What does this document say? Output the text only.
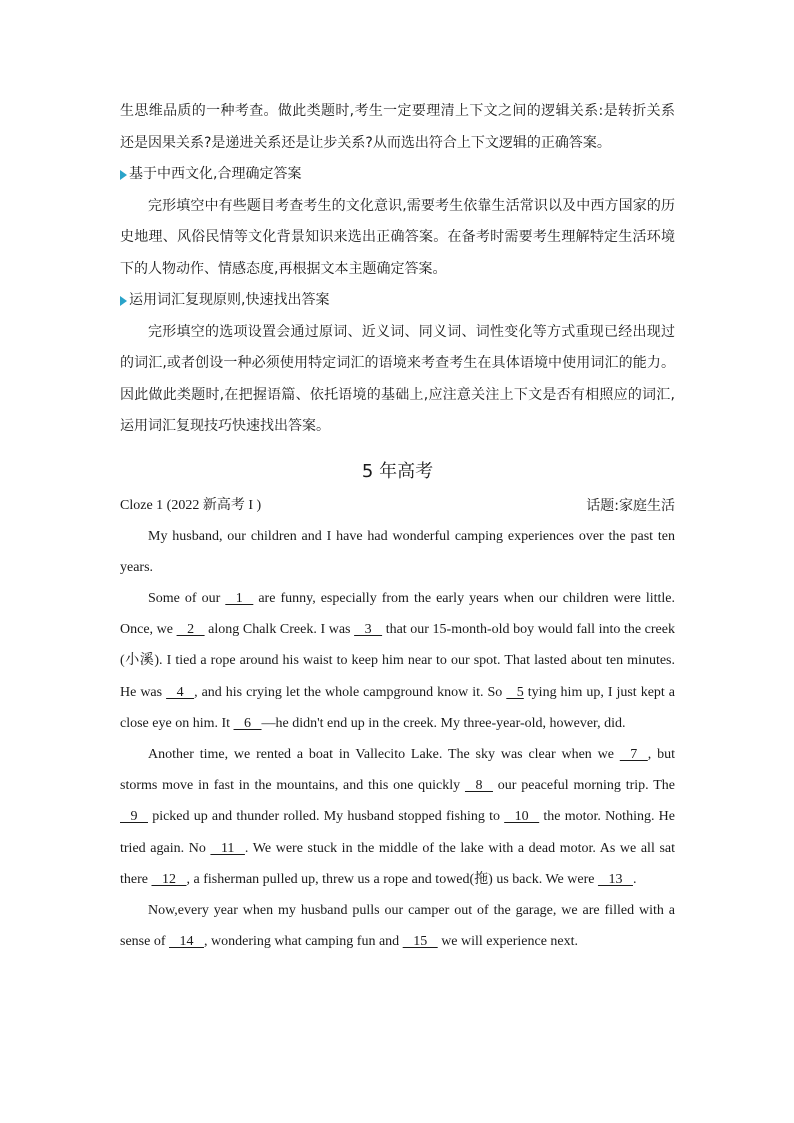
生思维品质的一种考查。做此类题时,考生一定要理清上下文之间的逻辑关系:是转折关系还是因果关系?是递进关系还是让步关系?从而选出符合上下文逻辑的正确答案。

基于中西文化,合理确定答案

完形填空中有些题目考查考生的文化意识,需要考生依靠生活常识以及中西方国家的历史地理、风俗民情等文化背景知识来选出正确答案。在备考时需要考生理解特定生活环境下的人物动作、情感态度,再根据文本主题确定答案。

运用词汇复现原则,快速找出答案

完形填空的选项设置会通过原词、近义词、同义词、词性变化等方式重现已经出现过的词汇,或者创设一种必须使用特定词汇的语境来考查考生在具体语境中使用词汇的能力。因此做此类题时,在把握语篇、依托语境的基础上,应注意关注上下文是否有相照应的词汇,运用词汇复现技巧快速找出答案。

5 年高考
Cloze 1 (2022 新高考 I )	话题:家庭生活

My husband, our children and I have had wonderful camping experiences over the past ten years.

Some of our    1    are funny, especially from the early years when our children were little. Once, we    2    along Chalk Creek. I was    3    that our 15-month-old boy would fall into the creek (小溪). I tied a rope around his waist to keep him near to our spot. That lasted about ten minutes. He was    4   , and his crying let the whole campground know it. So    5 tying him up, I just kept a close eye on him. It    6   —he didn't end up in the creek. My three-year-old, however, did.

Another time, we rented a boat in Vallecito Lake. The sky was clear when we    7   , but storms move in fast in the mountains, and this one quickly    8    our peaceful morning trip. The    9    picked up and thunder rolled. My husband stopped fishing to    10    the motor. Nothing. He tried again. No    11   . We were stuck in the middle of the lake with a dead motor. As we all sat there    12   , a fisherman pulled up, threw us a rope and towed(拖) us back. We were    13   .

Now,every year when my husband pulls our camper out of the garage, we are filled with a sense of    14   , wondering what camping fun and    15    we will experience next.
